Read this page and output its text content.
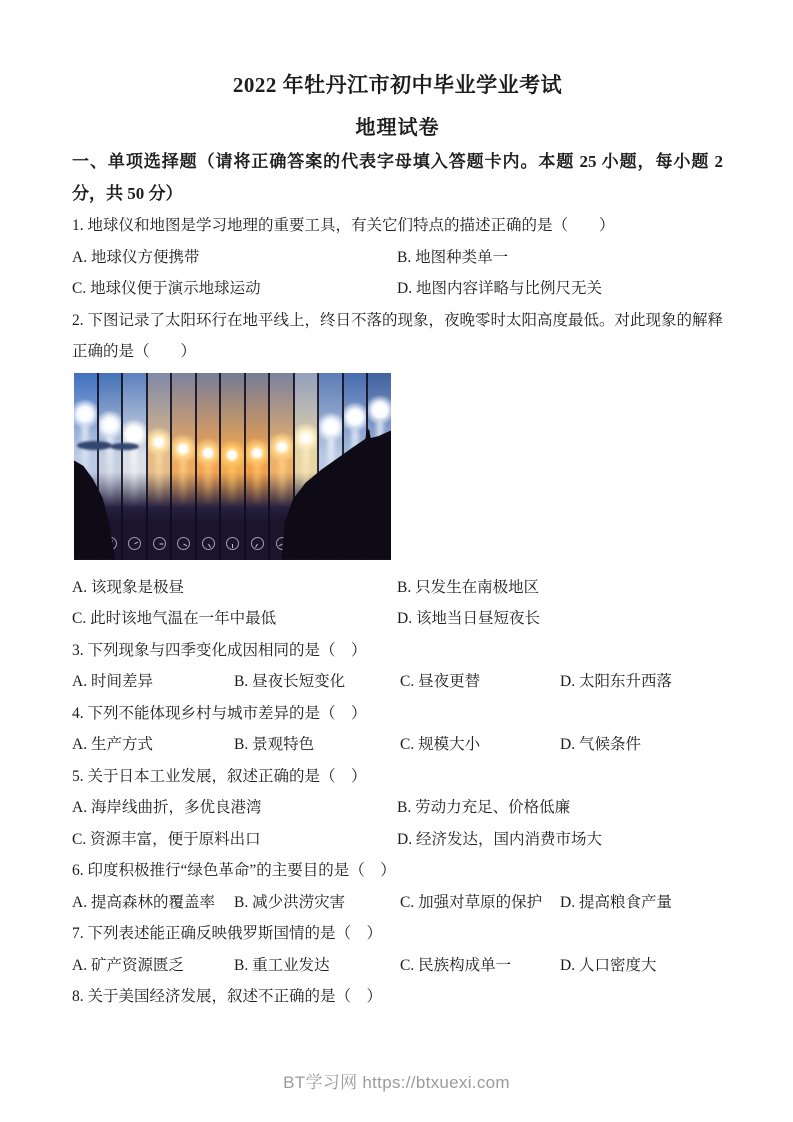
2022 年牡丹江市初中毕业学业考试
地理试卷

一、单项选择题（请将正确答案的代表字母填入答题卡内。本题 25 小题，每小题 2 分，共 50 分）

1. 地球仪和地图是学习地理的重要工具，有关它们特点的描述正确的是（　　）

A. 地球仪方便携带	B. 地图种类单一
C. 地球仪便于演示地球运动	D. 地图内容详略与比例尺无关

2. 下图记录了太阳环行在地平线上，终日不落的现象，夜晚零时太阳高度最低。对此现象的解释正确的是（　　）

A. 该现象是极昼	B. 只发生在南极地区
C. 此时该地气温在一年中最低	D. 该地当日昼短夜长

3. 下列现象与四季变化成因相同的是（　）

A. 时间差异	B. 昼夜长短变化	C. 昼夜更替	D. 太阳东升西落

4. 下列不能体现乡村与城市差异的是（　）

A. 生产方式	B. 景观特色	C. 规模大小	D. 气候条件

5. 关于日本工业发展，叙述正确的是（　）

A. 海岸线曲折，多优良港湾	B. 劳动力充足、价格低廉
C. 资源丰富，便于原料出口	D. 经济发达，国内消费市场大

6. 印度积极推行“绿色革命”的主要目的是（　）

A. 提高森林的覆盖率	B. 减少洪涝灾害	C. 加强对草原的保护	D. 提高粮食产量

7. 下列表述能正确反映俄罗斯国情的是（　）

A. 矿产资源匮乏	B. 重工业发达	C. 民族构成单一	D. 人口密度大

8. 关于美国经济发展，叙述不正确的是（　）

BT学习网 https://btxuexi.com
